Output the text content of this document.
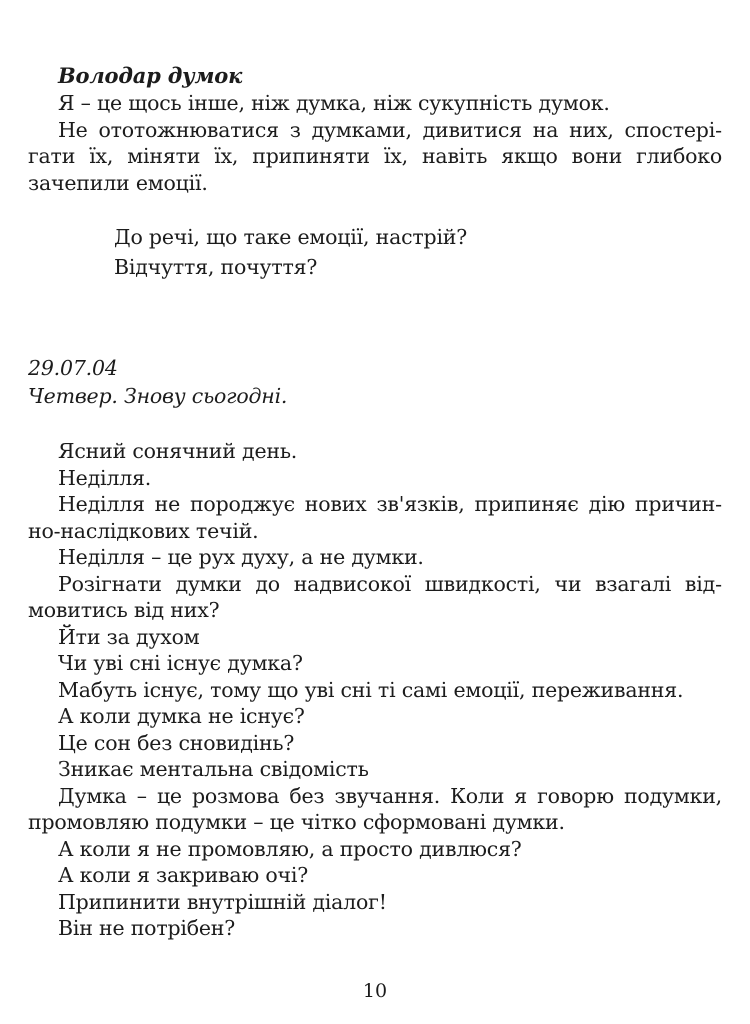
Володар думок

Я – це щось інше, ніж думка, ніж сукупність думок.

Не ототожнюватися з думками, дивитися на них, спостерігати їх, міняти їх, припиняти їх, навіть якщо вони глибоко зачепили емоції.

До речі, що таке емоції, настрій?

Відчуття, почуття?

29.07.04

Четвер. Знову сьогодні.

Ясний сонячний день.

Неділля.

Неділля не породжує нових зв'язків, припиняє дію причинно-наслідкових течій.

Неділля – це рух духу, а не думки.

Розігнати думки до надвисокої швидкості, чи взагалі відмовитись від них?

Йти за духом

Чи уві сні існує думка?

Мабуть існує, тому що уві сні ті самі емоції, переживання.

А коли думка не існує?

Це сон без сновидінь?

Зникає ментальна свідомість

Думка – це розмова без звучання. Коли я говорю подумки, промовляю подумки – це чітко сформовані думки.

А коли я не промовляю, а просто дивлюся?

А коли я закриваю очі?

Припинити внутрішній діалог!

Він не потрібен?

10
